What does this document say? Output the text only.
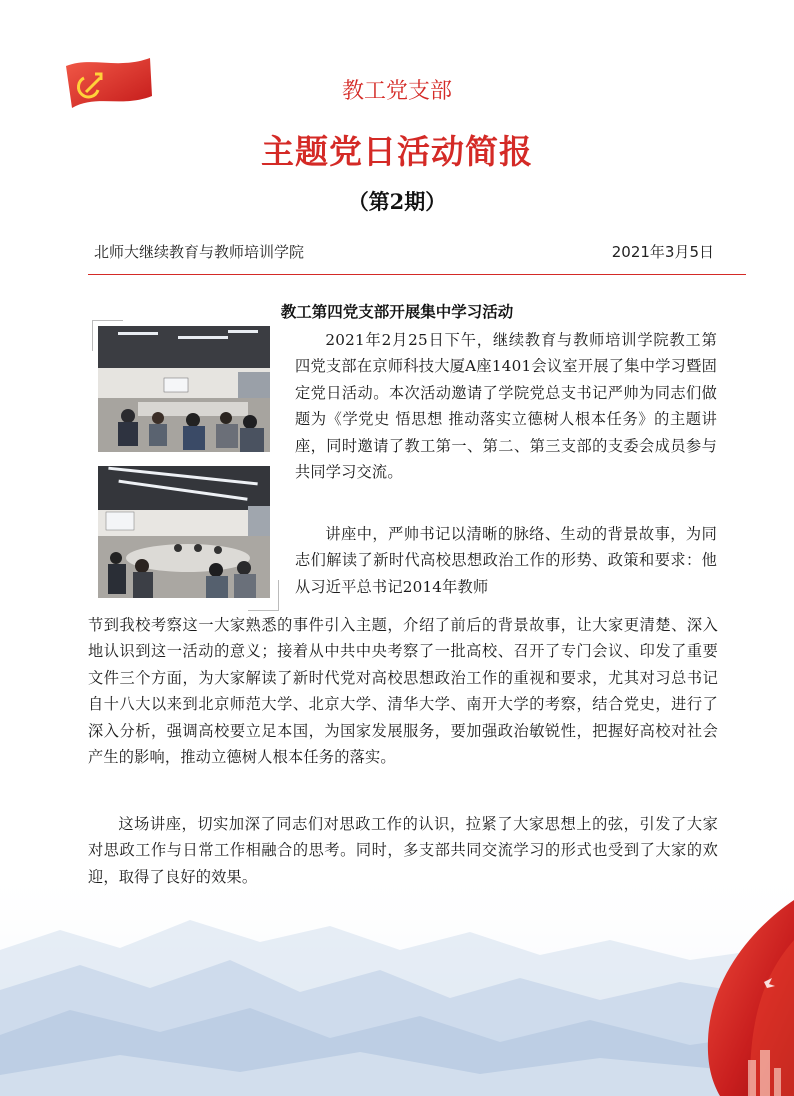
教工党支部
主题党日活动简报
（第2期）
北师大继续教育与教师培训学院	2021年3月5日
教工第四党支部开展集中学习活动
2021年2月25日下午，继续教育与教师培训学院教工第四党支部在京师科技大厦A座1401会议室开展了集中学习暨固定党日活动。本次活动邀请了学院党总支书记严帅为同志们做题为《学党史 悟思想 推动落实立德树人根本任务》的主题讲座，同时邀请了教工第一、第二、第三支部的支委会成员参与共同学习交流。
讲座中，严帅书记以清晰的脉络、生动的背景故事，为同志们解读了新时代高校思想政治工作的形势、政策和要求：他从习近平总书记2014年教师
节到我校考察这一大家熟悉的事件引入主题，介绍了前后的背景故事，让大家更清楚、深入地认识到这一活动的意义；接着从中共中央考察了一批高校、召开了专门会议、印发了重要文件三个方面，为大家解读了新时代党对高校思想政治工作的重视和要求，尤其对习总书记自十八大以来到北京师范大学、北京大学、清华大学、南开大学的考察，结合党史，进行了深入分析，强调高校要立足本国，为国家发展服务，要加强政治敏锐性，把握好高校对社会产生的影响，推动立德树人根本任务的落实。
这场讲座，切实加深了同志们对思政工作的认识，拉紧了大家思想上的弦，引发了大家对思政工作与日常工作相融合的思考。同时，多支部共同交流学习的形式也受到了大家的欢迎，取得了良好的效果。
